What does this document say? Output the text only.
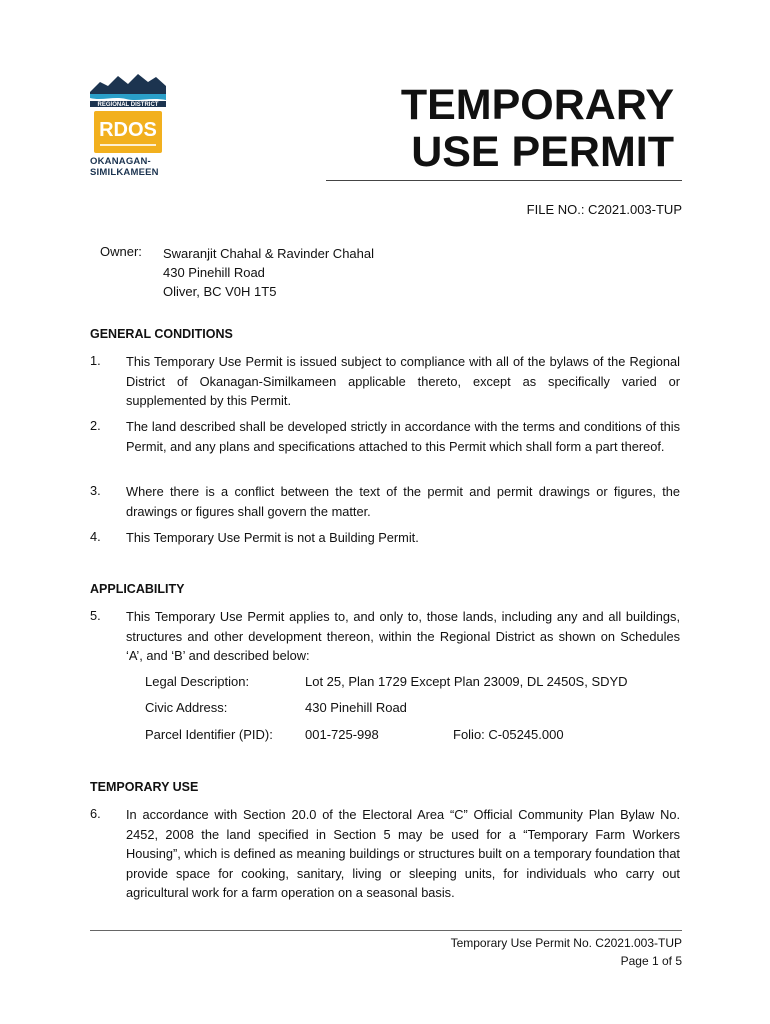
REGIONAL DISTRICT
RDOS
OKANAGAN-
SIMILKAMEEN
TEMPORARY
USE PERMIT
FILE NO.: C2021.003-TUP
Owner: Swaranjit Chahal & Ravinder Chahal
430 Pinehill Road
Oliver, BC V0H 1T5
GENERAL CONDITIONS
1. This Temporary Use Permit is issued subject to compliance with all of the bylaws of the Regional District of Okanagan-Similkameen applicable thereto, except as specifically varied or supplemented by this Permit.
2. The land described shall be developed strictly in accordance with the terms and conditions of this Permit, and any plans and specifications attached to this Permit which shall form a part thereof.
3. Where there is a conflict between the text of the permit and permit drawings or figures, the drawings or figures shall govern the matter.
4. This Temporary Use Permit is not a Building Permit.
APPLICABILITY
5. This Temporary Use Permit applies to, and only to, those lands, including any and all buildings, structures and other development thereon, within the Regional District as shown on Schedules ‘A’, and ‘B’ and described below:
Legal Description:	Lot 25, Plan 1729 Except Plan 23009, DL 2450S, SDYD
Civic Address:	430 Pinehill Road
Parcel Identifier (PID): 001-725-998	Folio: C-05245.000
TEMPORARY USE
6. In accordance with Section 20.0 of the Electoral Area “C” Official Community Plan Bylaw No. 2452, 2008 the land specified in Section 5 may be used for a “Temporary Farm Workers Housing”, which is defined as meaning buildings or structures built on a temporary foundation that provide space for cooking, sanitary, living or sleeping units, for individuals who carry out agricultural work for a farm operation on a seasonal basis.
Temporary Use Permit No. C2021.003-TUP
Page 1 of 5
